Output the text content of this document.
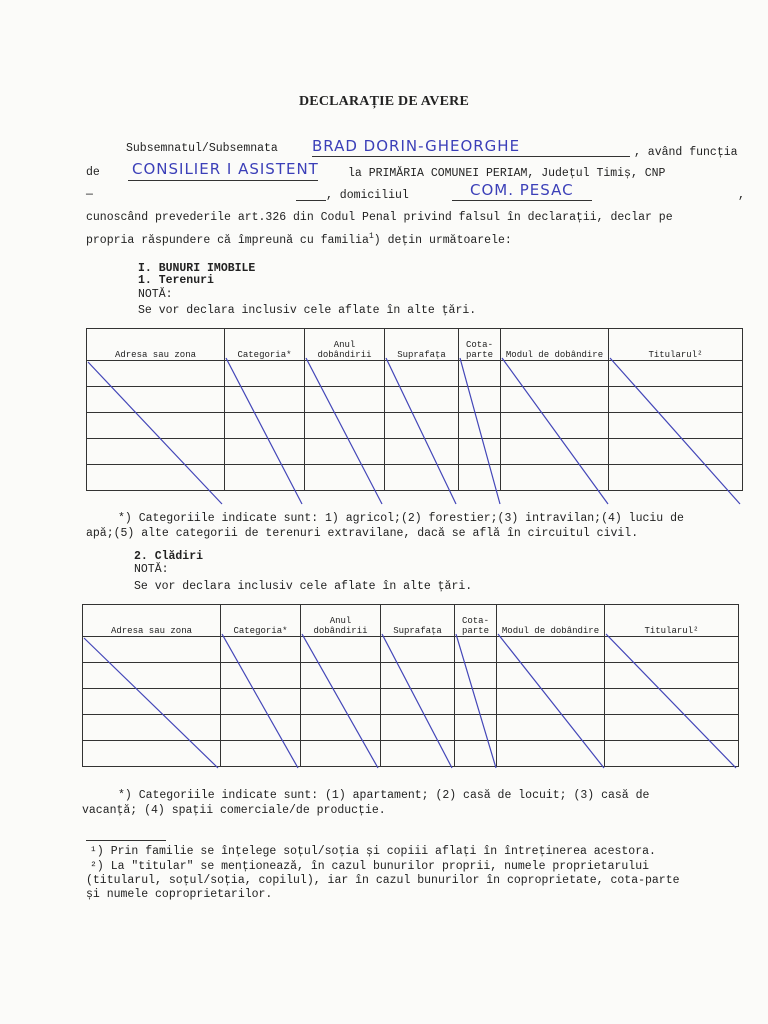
DECLARAȚIE DE AVERE
Subsemnatul/Subsemnata BRAD DORIN-GHEORGHE	, având funcția
de CONSILIER I ASISTENT	la PRIMĂRIA COMUNEI PERIAM, Județul Timiș, CNP
—	, domiciliul	COM. PESAC	,
cunoscând prevederile art.326 din Codul Penal privind falsul în declarații, declar pe
propria răspundere că împreună cu familia$^1$) dețin următoarele:
I. BUNURI IMOBILE
1. Terenuri
NOTĂ:
Se vor declara inclusiv cele aflate în alte țări.
Adresa sau zona	Categoria*	Anul dobândirii	Suprafața	Cota-parte	Modul de dobândire	Titularul²

*) Categoriile indicate sunt: 1) agricol;(2) forestier;(3) intravilan;(4) luciu de
apă;(5) alte categorii de terenuri extravilane, dacă se află în circuitul civil.
2. Clădiri
NOTĂ:
Se vor declara inclusiv cele aflate în alte țări.
Adresa sau zona	Categoria*	Anul dobândirii	Suprafața	Cota-parte	Modul de dobândire	Titularul²

*) Categoriile indicate sunt: (1) apartament; (2) casă de locuit; (3) casă de
vacanță; (4) spații comerciale/de producție.
¹) Prin familie se înțelege soțul/soția și copiii aflați în întreținerea acestora.
²) La "titular" se menționează, în cazul bunurilor proprii, numele proprietarului
(titularul, soțul/soția, copilul), iar în cazul bunurilor în coproprietate, cota-parte
și numele coproprietarilor.
